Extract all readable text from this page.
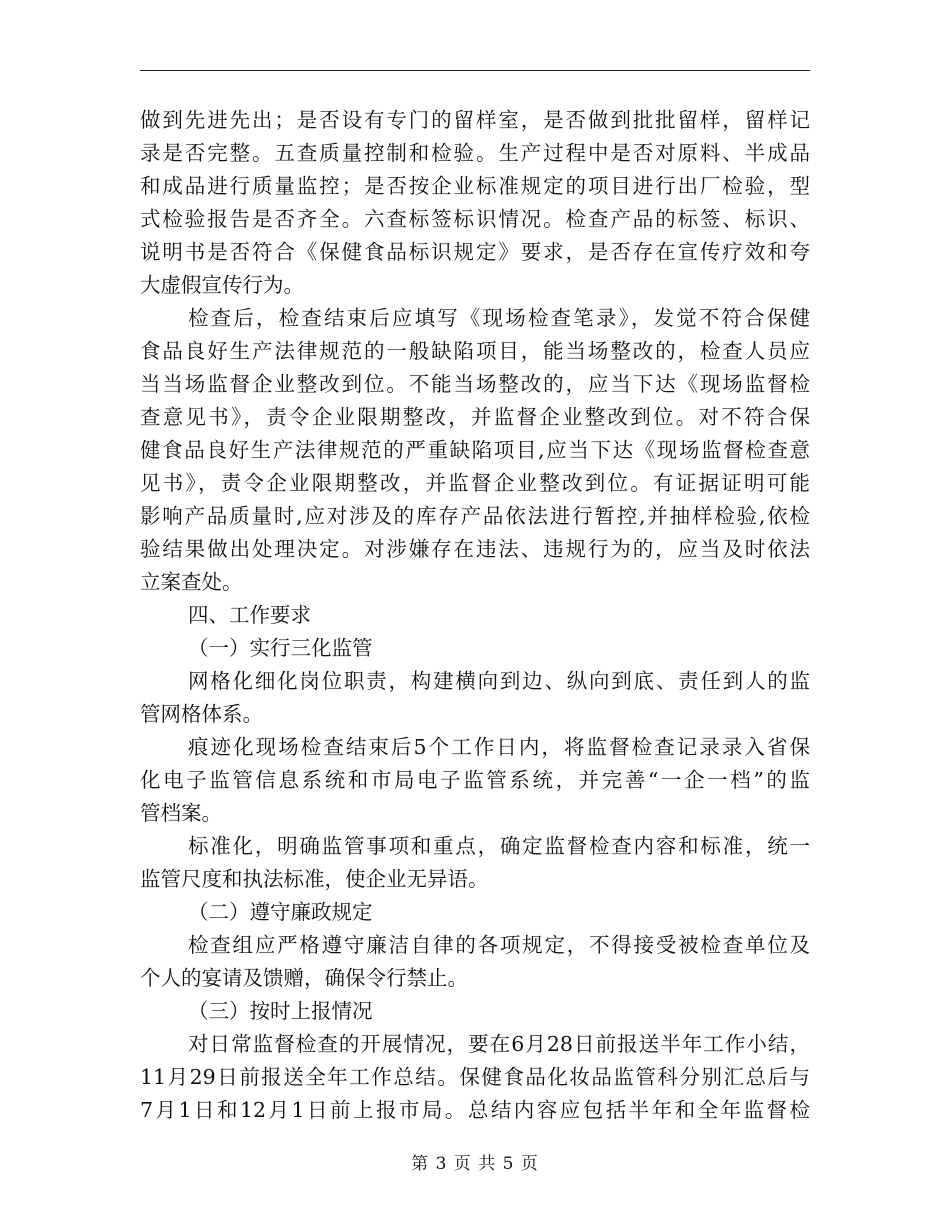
做到先进先出；是否设有专门的留样室，是否做到批批留样，留样记
录是否完整。五查质量控制和检验。生产过程中是否对原料、半成品
和成品进行质量监控；是否按企业标准规定的项目进行出厂检验，型
式检验报告是否齐全。六查标签标识情况。检查产品的标签、标识、
说明书是否符合《保健食品标识规定》要求，是否存在宣传疗效和夸
大虚假宣传行为。
检查后，检查结束后应填写《现场检查笔录》，发觉不符合保健
食品良好生产法律规范的一般缺陷项目，能当场整改的，检查人员应
当当场监督企业整改到位。不能当场整改的，应当下达《现场监督检
查意见书》，责令企业限期整改，并监督企业整改到位。对不符合保
健食品良好生产法律规范的严重缺陷项目,应当下达《现场监督检查意
见书》，责令企业限期整改，并监督企业整改到位。有证据证明可能
影响产品质量时,应对涉及的库存产品依法进行暂控,并抽样检验,依检
验结果做出处理决定。对涉嫌存在违法、违规行为的，应当及时依法
立案查处。
四、工作要求
（一）实行三化监管
网格化细化岗位职责，构建横向到边、纵向到底、责任到人的监
管网格体系。
痕迹化现场检查结束后5个工作日内，将监督检查记录录入省保
化电子监管信息系统和市局电子监管系统，并完善“一企一档”的监
管档案。
标准化，明确监管事项和重点，确定监督检查内容和标准，统一
监管尺度和执法标准，使企业无异语。
（二）遵守廉政规定
检查组应严格遵守廉洁自律的各项规定，不得接受被检查单位及
个人的宴请及馈赠，确保令行禁止。
（三）按时上报情况
对日常监督检查的开展情况，要在6月28日前报送半年工作小结，
11月29日前报送全年工作总结。保健食品化妆品监管科分别汇总后与
7月1日和12月1日前上报市局。总结内容应包括半年和全年监督检
第 3 页 共 5 页
